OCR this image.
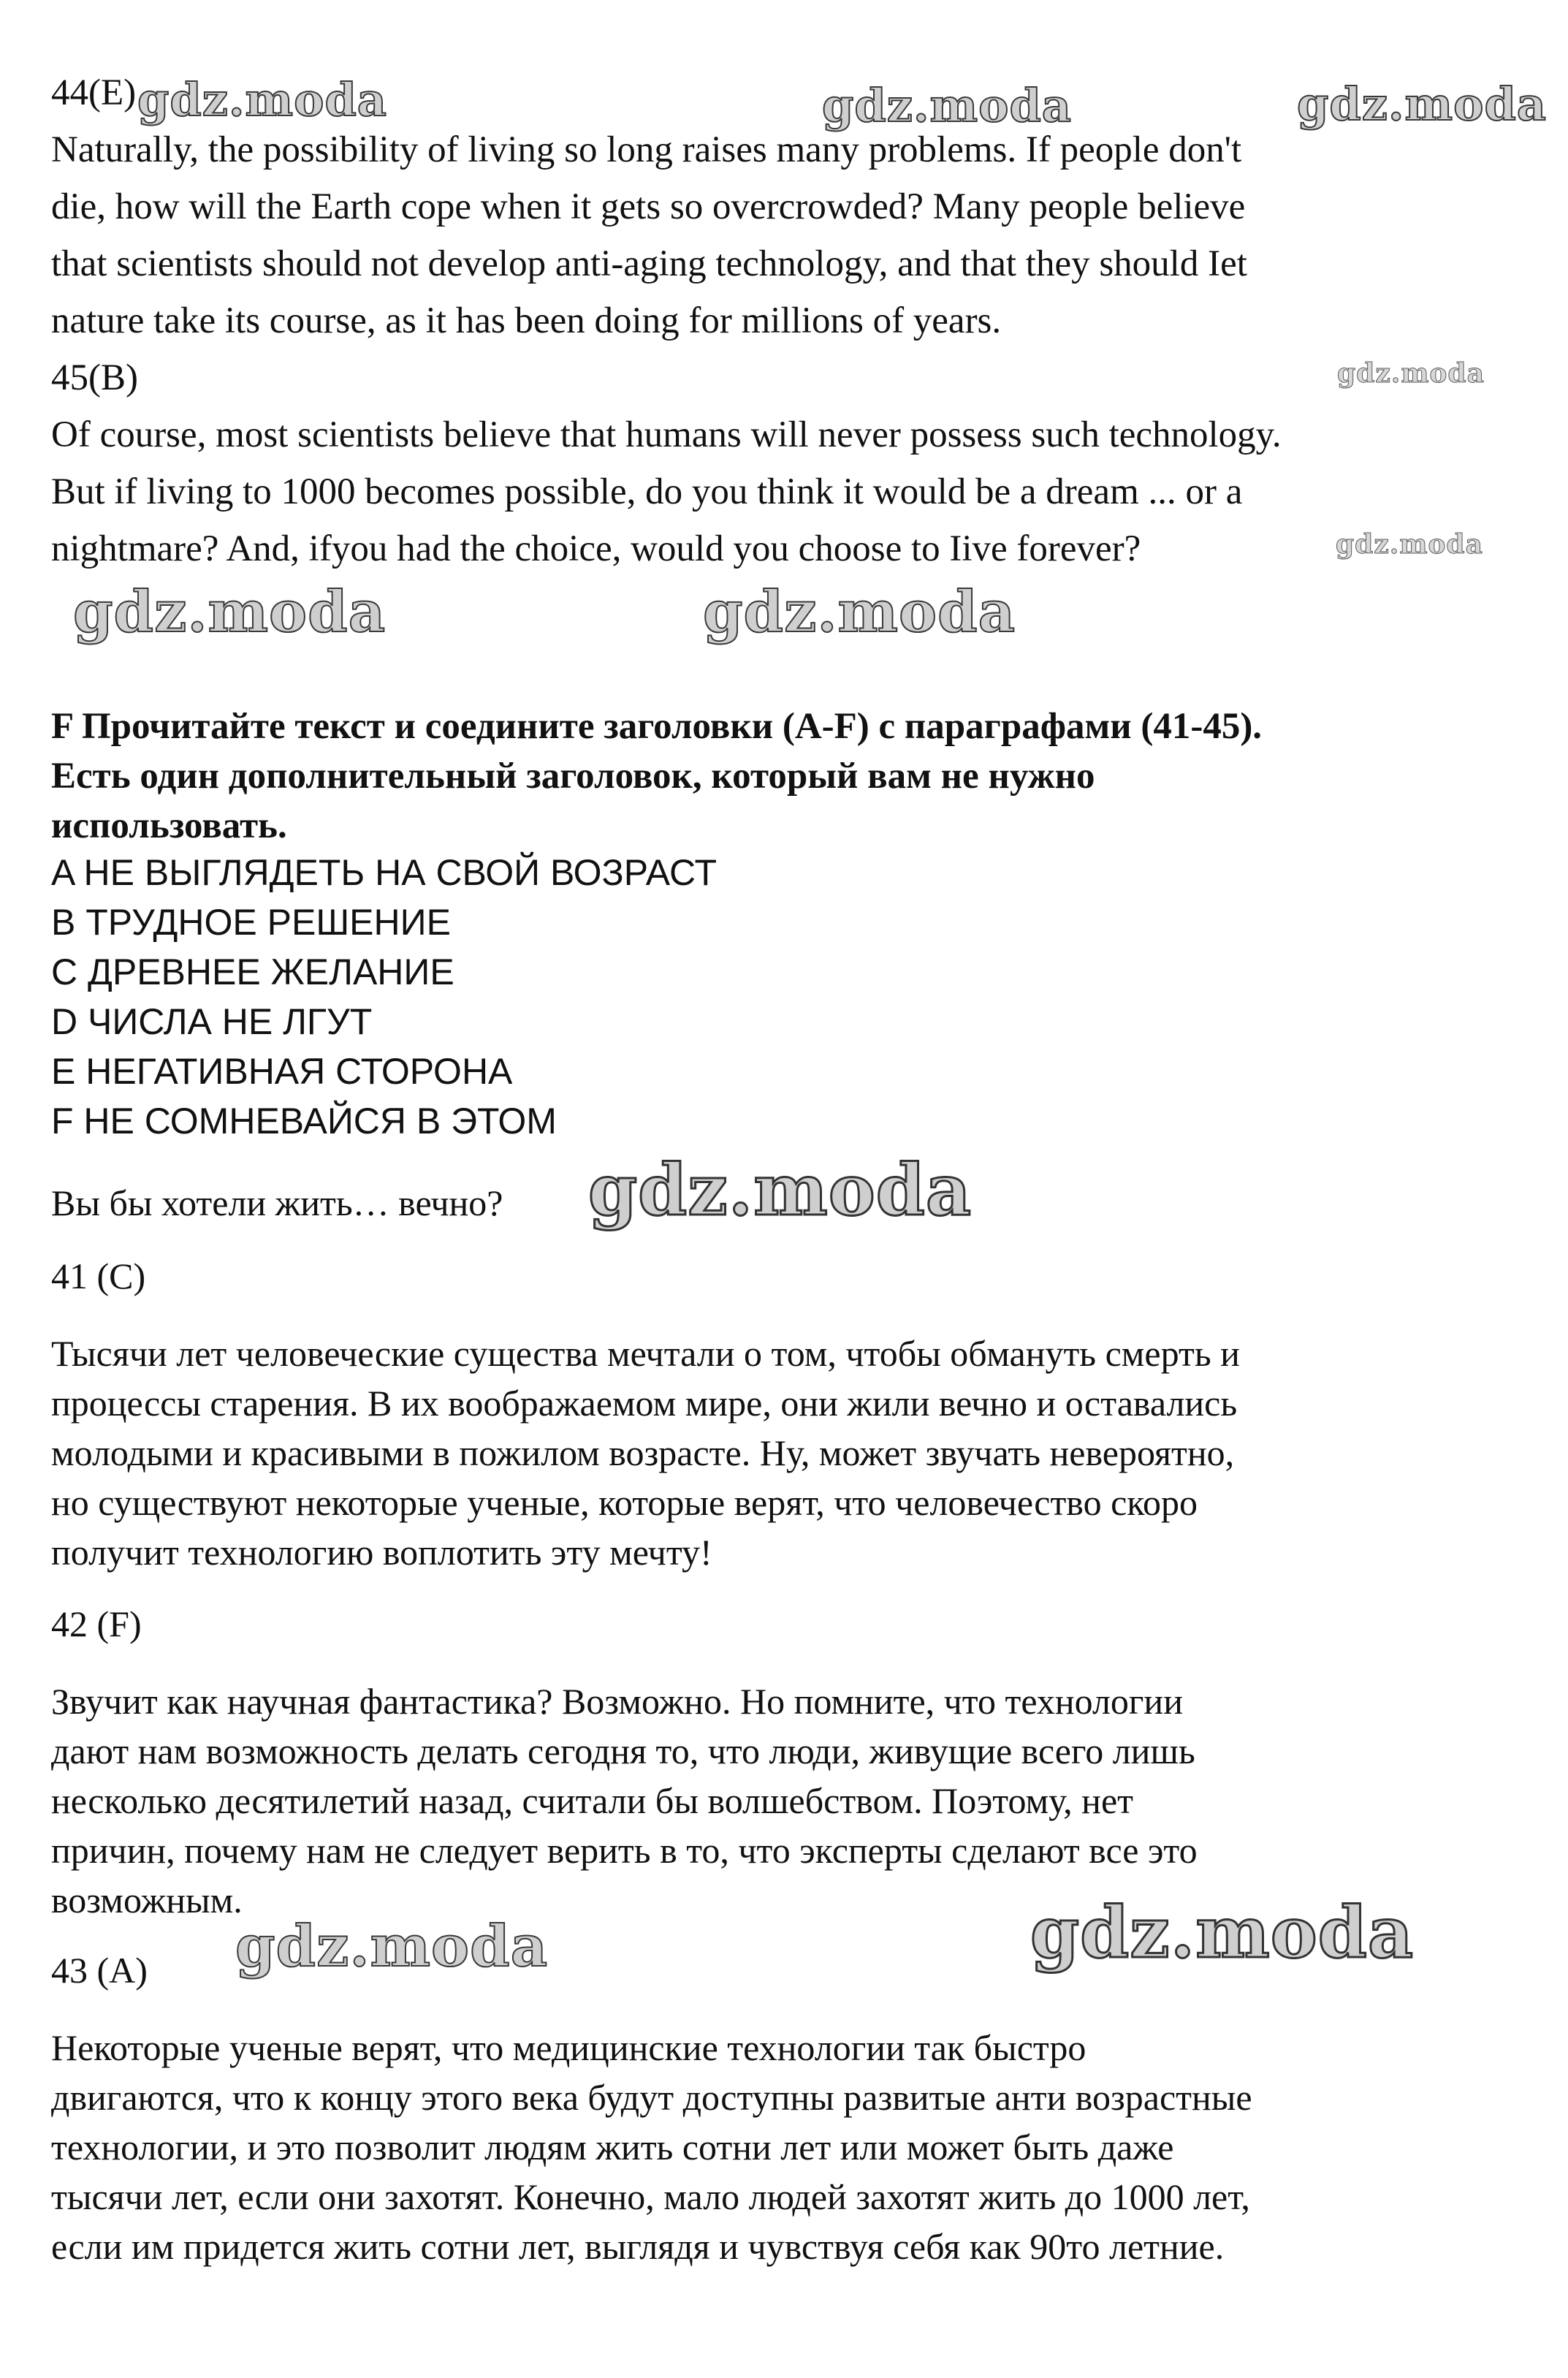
44(E)
Naturally, the possibility of living so long raises many problems. If people don't
die, how will the Earth cope when it gets so overcrowded? Many people believe
that scientists should not develop anti-aging technology, and that they should Iet
nature take its course, as it has been doing for millions of years.
45(B)
Of course, most scientists believe that humans will never possess such technology.
But if living to 1000 becomes possible, do you think it would be a dream ... or a
nightmare? And, ifyou had the choice, would you choose to Iive forever?
F Прочитайте текст и соедините заголовки (A-F) с параграфами (41-45).
Есть один дополнительный заголовок, который вам не нужно
использовать.
A НЕ ВЫГЛЯДЕТЬ НА СВОЙ ВОЗРАСТ
B ТРУДНОЕ РЕШЕНИЕ
C ДРЕВНЕЕ ЖЕЛАНИЕ
D ЧИСЛА НЕ ЛГУТ
E НЕГАТИВНАЯ СТОРОНА
F НЕ СОМНЕВАЙСЯ В ЭТОМ
Вы бы хотели жить… вечно?
41 (C)
Тысячи лет человеческие существа мечтали о том, чтобы обмануть смерть и
процессы старения. В их воображаемом мире, они жили вечно и оставались
молодыми и красивыми в пожилом возрасте. Ну, может звучать невероятно,
но существуют некоторые ученые, которые верят, что человечество скоро
получит технологию воплотить эту мечту!
42 (F)
Звучит как научная фантастика? Возможно. Но помните, что технологии
дают нам возможность делать сегодня то, что люди, живущие всего лишь
несколько десятилетий назад, считали бы волшебством. Поэтому, нет
причин, почему нам не следует верить в то, что эксперты сделают все это
возможным.
43 (A)
Некоторые ученые верят, что медицинские технологии так быстро
двигаются, что к концу этого века будут доступны развитые анти возрастные
технологии, и это позволит людям жить сотни лет или может быть даже
тысячи лет, если они захотят. Конечно, мало людей захотят жить до 1000 лет,
если им придется жить сотни лет, выглядя и чувствуя себя как 90то летние.
gdz.moda	gdz.moda	gdz.moda
gdz.moda
gdz.moda
gdz.moda	gdz.moda
gdz.moda
gdz.moda
gdz.moda
